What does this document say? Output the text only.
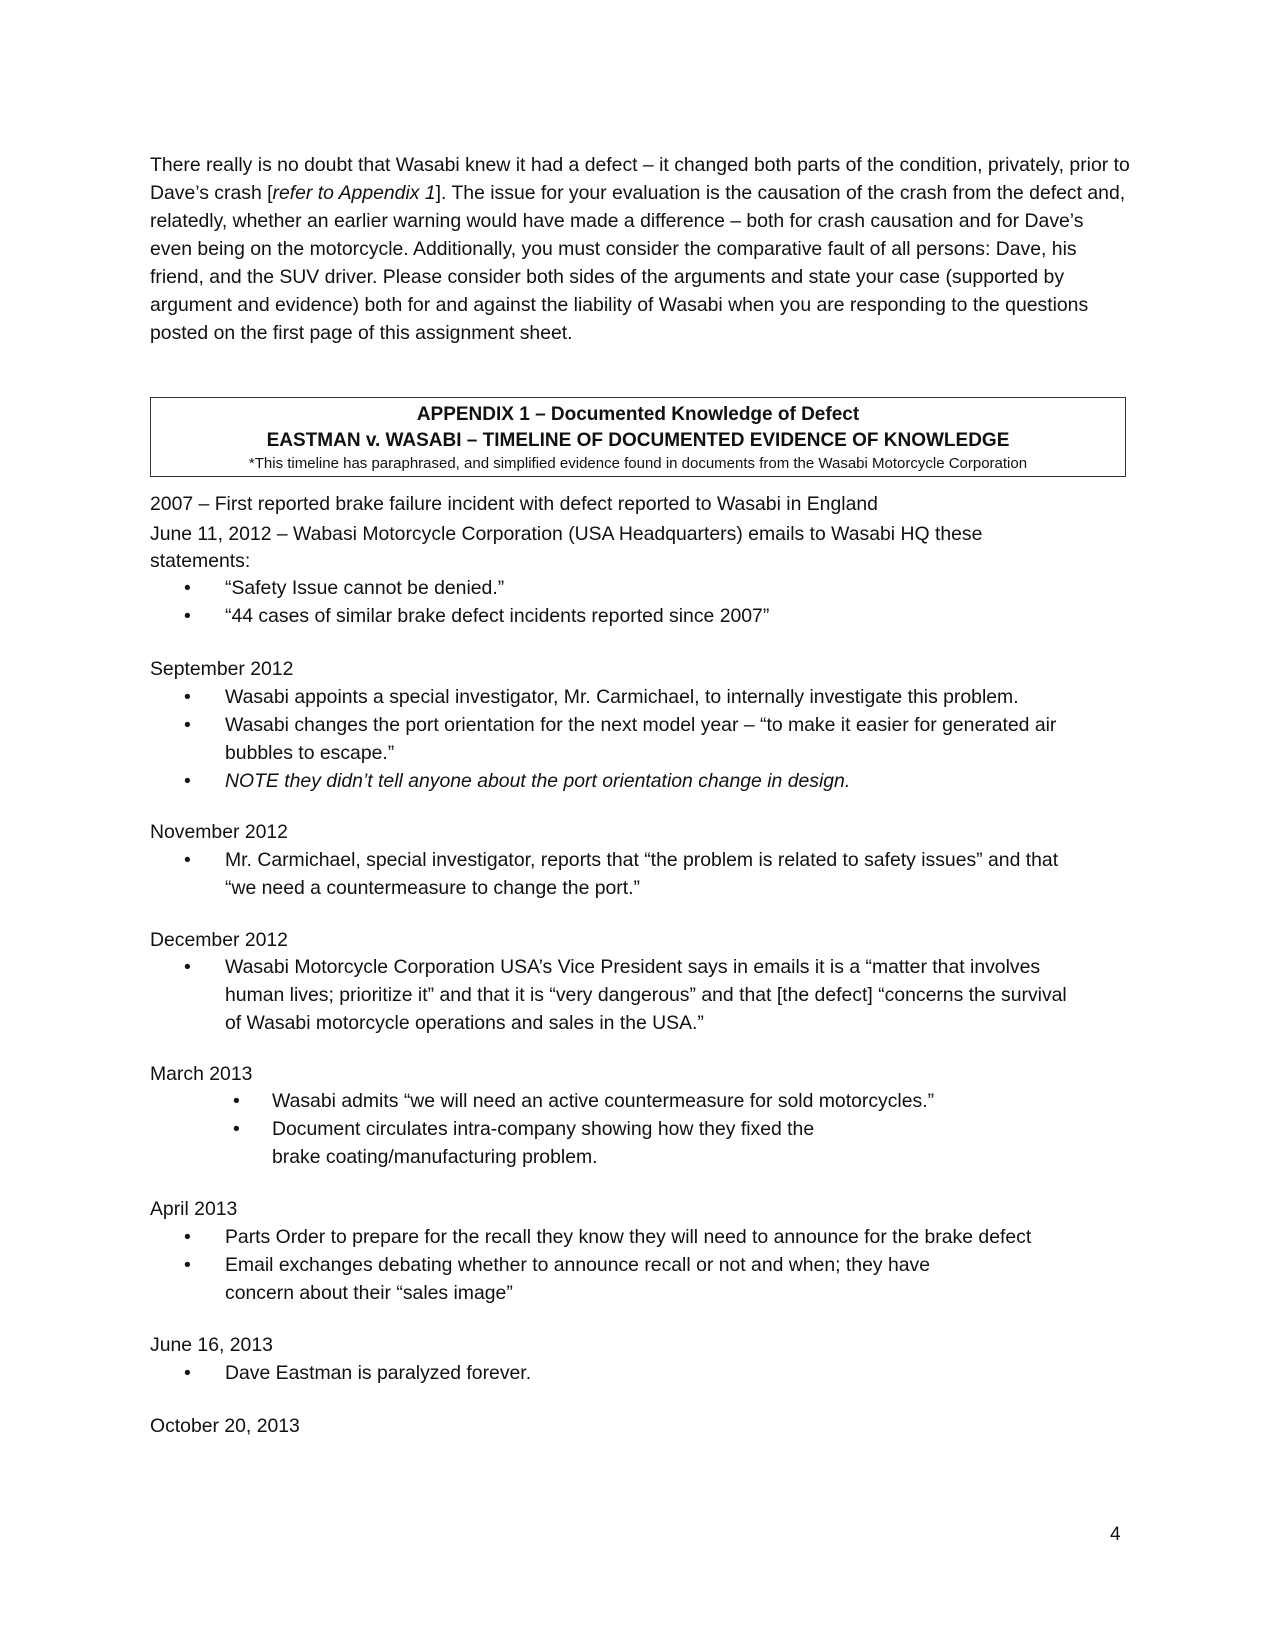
There really is no doubt that Wasabi knew it had a defect – it changed both parts of the condition, privately, prior to Dave’s crash [refer to Appendix 1]. The issue for your evaluation is the causation of the crash from the defect and, relatedly, whether an earlier warning would have made a difference – both for crash causation and for Dave’s even being on the motorcycle. Additionally, you must consider the comparative fault of all persons: Dave, his friend, and the SUV driver. Please consider both sides of the arguments and state your case (supported by argument and evidence) both for and against the liability of Wasabi when you are responding to the questions posted on the first page of this assignment sheet.

APPENDIX 1 – Documented Knowledge of Defect
EASTMAN v. WASABI – TIMELINE OF DOCUMENTED EVIDENCE OF KNOWLEDGE
*This timeline has paraphrased, and simplified evidence found in documents from the Wasabi Motorcycle Corporation
2007 – First reported brake failure incident with defect reported to Wasabi in England
June 11, 2012 – Wabasi Motorcycle Corporation (USA Headquarters) emails to Wasabi HQ these
statements:
• “Safety Issue cannot be denied.”
• “44 cases of similar brake defect incidents reported since 2007”
September 2012
• Wasabi appoints a special investigator, Mr. Carmichael, to internally investigate this problem.
• Wasabi changes the port orientation for the next model year – “to make it easier for generated air bubbles to escape.”
• NOTE they didn’t tell anyone about the port orientation change in design.
November 2012
• Mr. Carmichael, special investigator, reports that “the problem is related to safety issues” and that “we need a countermeasure to change the port.”
December 2012
• Wasabi Motorcycle Corporation USA’s Vice President says in emails it is a “matter that involves human lives; prioritize it” and that it is “very dangerous” and that [the defect] “concerns the survival of Wasabi motorcycle operations and sales in the USA.”
March 2013
• Wasabi admits “we will need an active countermeasure for sold motorcycles.”
• Document circulates intra-company showing how they fixed the brake coating/manufacturing problem.
April 2013
• Parts Order to prepare for the recall they know they will need to announce for the brake defect
• Email exchanges debating whether to announce recall or not and when; they have concern about their “sales image”
June 16, 2013
• Dave Eastman is paralyzed forever.
October 20, 2013
4
